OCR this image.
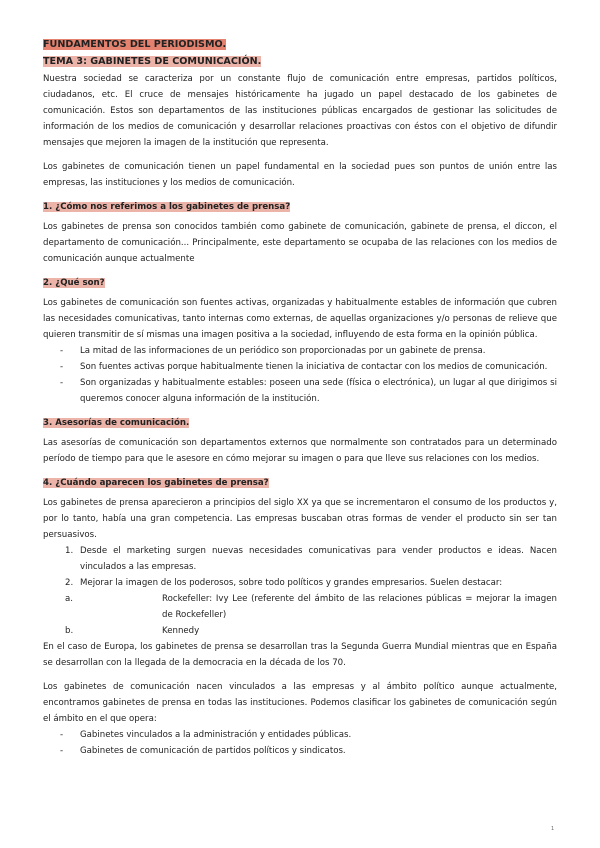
FUNDAMENTOS DEL PERIODISMO.
TEMA 3: GABINETES DE COMUNICACIÓN.

Nuestra sociedad se caracteriza por un constante flujo de comunicación entre empresas, partidos políticos, ciudadanos, etc. El cruce de mensajes históricamente ha jugado un papel destacado de los gabinetes de comunicación. Estos son departamentos de las instituciones públicas encargados de gestionar las solicitudes de información de los medios de comunicación y desarrollar relaciones proactivas con éstos con el objetivo de difundir mensajes que mejoren la imagen de la institución que representa.

Los gabinetes de comunicación tienen un papel fundamental en la sociedad pues son puntos de unión entre las empresas, las instituciones y los medios de comunicación.

1. ¿Cómo nos referimos a los gabinetes de prensa?

Los gabinetes de prensa son conocidos también como gabinete de comunicación, gabinete de prensa, el diccon, el departamento de comunicación... Principalmente, este departamento se ocupaba de las relaciones con los medios de comunicación aunque actualmente

2. ¿Qué son?

Los gabinetes de comunicación son fuentes activas, organizadas y habitualmente estables de información que cubren las necesidades comunicativas, tanto internas como externas, de aquellas organizaciones y/o personas de relieve que quieren transmitir de sí mismas una imagen positiva a la sociedad, influyendo de esta forma en la opinión pública.

- La mitad de las informaciones de un periódico son proporcionadas por un gabinete de prensa.
- Son fuentes activas porque habitualmente tienen la iniciativa de contactar con los medios de comunicación.
- Son organizadas y habitualmente estables: poseen una sede (física o electrónica), un lugar al que dirigimos si queremos conocer alguna información de la institución.
3. Asesorías de comunicación.

Las asesorías de comunicación son departamentos externos que normalmente son contratados para un determinado período de tiempo para que le asesore en cómo mejorar su imagen o para que lleve sus relaciones con los medios.

4. ¿Cuándo aparecen los gabinetes de prensa?

Los gabinetes de prensa aparecieron a principios del siglo XX ya que se incrementaron el consumo de los productos y, por lo tanto, había una gran competencia. Las empresas buscaban otras formas de vender el producto sin ser tan persuasivos.

1. Desde el marketing surgen nuevas necesidades comunicativas para vender productos e ideas. Nacen vinculados a las empresas.
2. Mejorar la imagen de los poderosos, sobre todo políticos y grandes empresarios. Suelen destacar:
a.	Rockefeller: Ivy Lee (referente del ámbito de las relaciones públicas = mejorar la imagen de Rockefeller)
b.	Kennedy

En el caso de Europa, los gabinetes de prensa se desarrollan tras la Segunda Guerra Mundial mientras que en España se desarrollan con la llegada de la democracia en la década de los 70.

Los gabinetes de comunicación nacen vinculados a las empresas y al ámbito político aunque actualmente, encontramos gabinetes de prensa en todas las instituciones. Podemos clasificar los gabinetes de comunicación según el ámbito en el que opera:

- Gabinetes vinculados a la administración y entidades públicas.
- Gabinetes de comunicación de partidos políticos y sindicatos.
1
